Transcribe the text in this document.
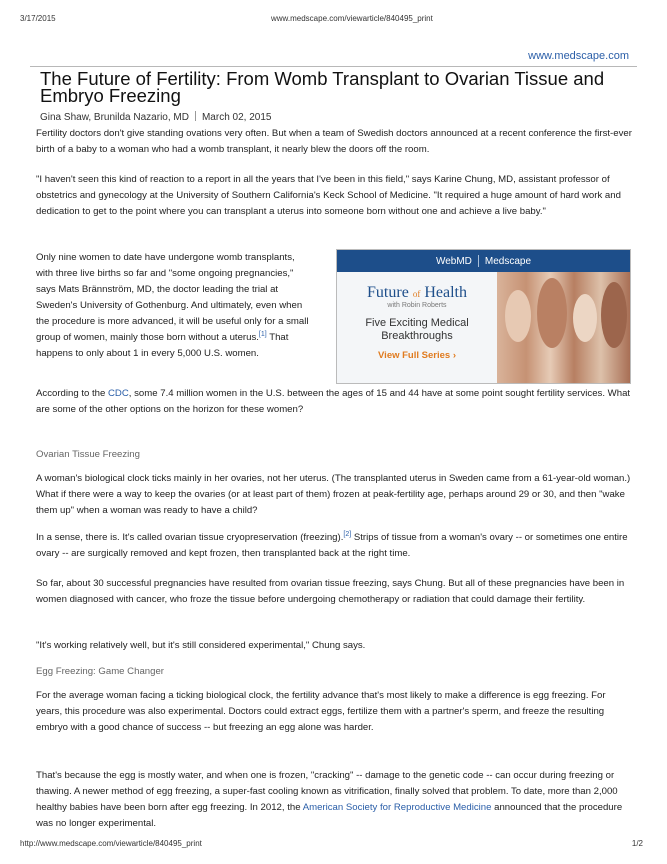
3/17/2015	www.medscape.com/viewarticle/840495_print
www.medscape.com
The Future of Fertility: From Womb Transplant to Ovarian Tissue and Embryo Freezing
Gina Shaw, Brunilda Nazario, MD March 02, 2015

Fertility doctors don't give standing ovations very often. But when a team of Swedish doctors announced at a recent conference the first-ever birth of a baby to a woman who had a womb transplant, it nearly blew the doors off the room.

"I haven't seen this kind of reaction to a report in all the years that I've been in this field," says Karine Chung, MD, assistant professor of obstetrics and gynecology at the University of Southern California's Keck School of Medicine. "It required a huge amount of hard work and dedication to get to the point where you can transplant a uterus into someone born without one and achieve a live baby."

Only nine women to date have undergone womb transplants, with three live births so far and "some ongoing pregnancies," says Mats Brännström, MD, the doctor leading the trial at Sweden's University of Gothenburg. And ultimately, even when the procedure is more advanced, it will be useful only for a small group of women, mainly those born without a uterus.[1] That happens to only about 1 in every 5,000 U.S. women.

WebMD Medscape
Future of Health
with Robin Roberts
Five Exciting Medical
Breakthroughs
View Full Series ›

According to the CDC, some 7.4 million women in the U.S. between the ages of 15 and 44 have at some point sought fertility services. What are some of the other options on the horizon for these women?

Ovarian Tissue Freezing

A woman's biological clock ticks mainly in her ovaries, not her uterus. (The transplanted uterus in Sweden came from a 61-year-old woman.) What if there were a way to keep the ovaries (or at least part of them) frozen at peak-fertility age, perhaps around 29 or 30, and then "wake them up" when a woman was ready to have a child?

In a sense, there is. It's called ovarian tissue cryopreservation (freezing).[2] Strips of tissue from a woman's ovary -- or sometimes one entire ovary -- are surgically removed and kept frozen, then transplanted back at the right time.

So far, about 30 successful pregnancies have resulted from ovarian tissue freezing, says Chung. But all of these pregnancies have been in women diagnosed with cancer, who froze the tissue before undergoing chemotherapy or radiation that could damage their fertility.

"It's working relatively well, but it's still considered experimental," Chung says.

Egg Freezing: Game Changer

For the average woman facing a ticking biological clock, the fertility advance that's most likely to make a difference is egg freezing. For years, this procedure was also experimental. Doctors could extract eggs, fertilize them with a partner's sperm, and freeze the resulting embryo with a good chance of success -- but freezing an egg alone was harder.

That's because the egg is mostly water, and when one is frozen, "cracking" -- damage to the genetic code -- can occur during freezing or thawing. A newer method of egg freezing, a super-fast cooling known as vitrification, finally solved that problem. To date, more than 2,000 healthy babies have been born after egg freezing. In 2012, the American Society for Reproductive Medicine announced that the procedure was no longer experimental.

http://www.medscape.com/viewarticle/840495_print	1/2
